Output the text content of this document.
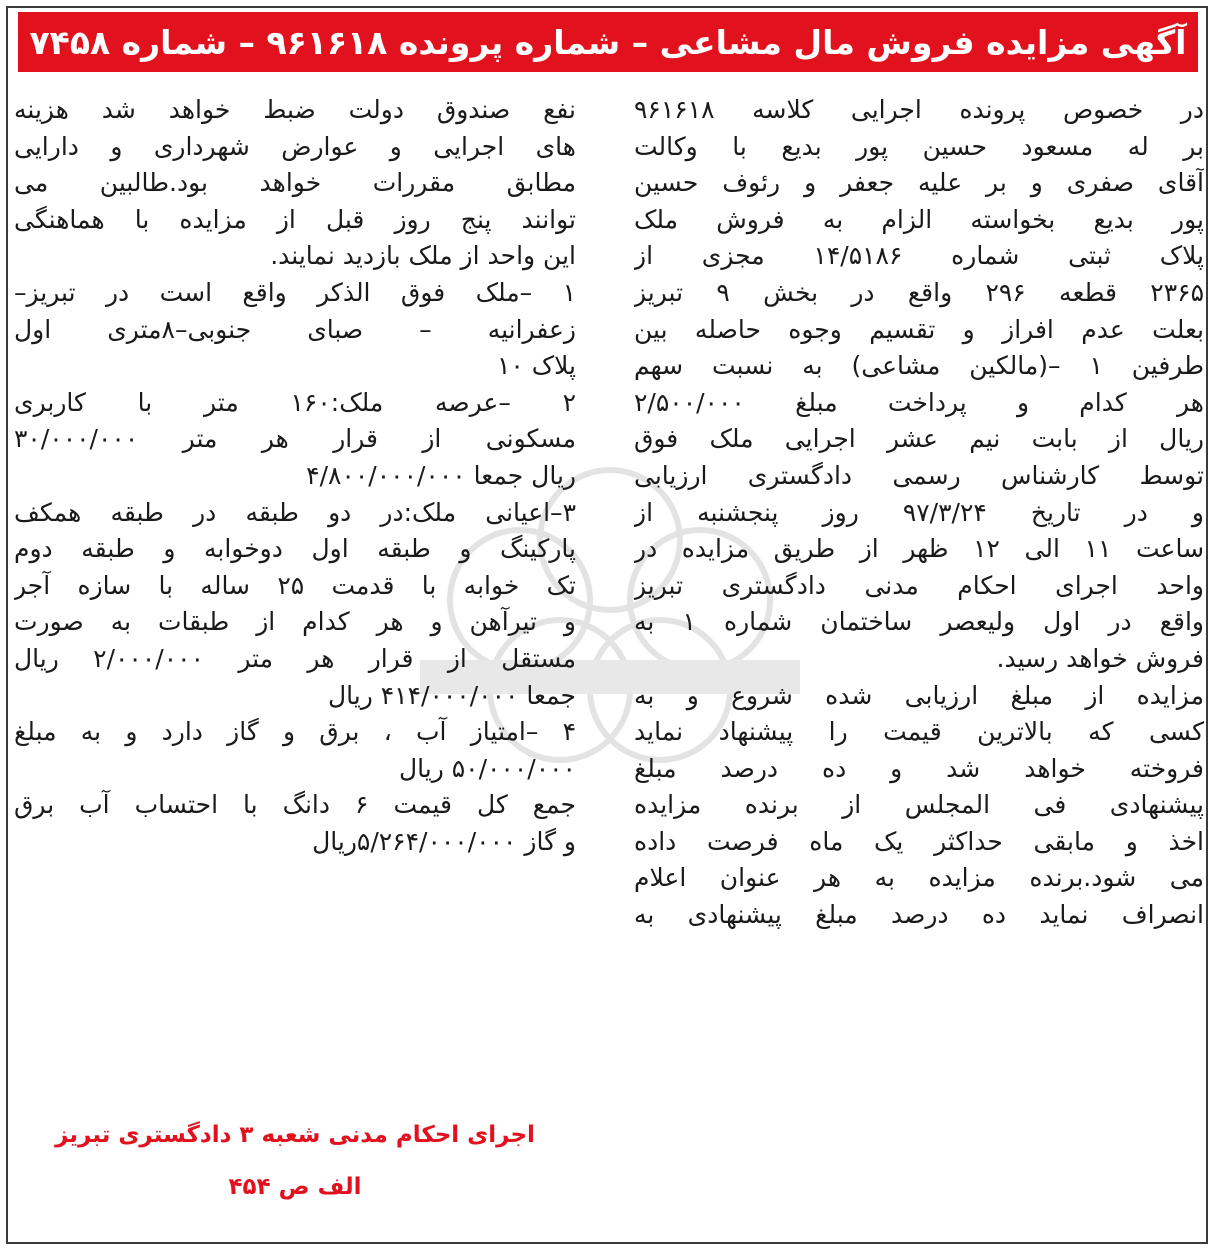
آگهی مزایده فروش مال مشاعی – شماره پرونده ۹۶۱۶۱۸ – شماره ۷۴۵۸

در خصوص پرونده اجرایی کلاسه ۹۶۱۶۱۸
بر له مسعود حسین پور بدیع با وکالت
آقای صفری و بر علیه جعفر و رئوف حسین
پور بدیع بخواسته الزام به فروش ملک
پلاک ثبتی شماره ۱۴/۵۱۸۶ مجزی از
۲۳۶۵ قطعه ۲۹۶ واقع در بخش ۹ تبریز
بعلت عدم افراز و تقسیم وجوه حاصله بین
طرفین ۱ –(مالکین مشاعی) به نسبت سهم
هر کدام و پرداخت مبلغ ۲/۵۰۰/۰۰۰
ریال از بابت نیم عشر اجرایی ملک فوق
توسط کارشناس رسمی دادگستری ارزیابی
و در تاریخ ۹۷/۳/۲۴ روز پنجشنبه از
ساعت ۱۱ الی ۱۲ ظهر از طریق مزایده در
واحد اجرای احکام مدنی دادگستری تبریز
واقع در اول ولیعصر ساختمان شماره ۱ به
فروش خواهد رسید.
مزایده از مبلغ ارزیابی شده شروع و به
کسی که بالاترین قیمت را پیشنهاد نماید
فروخته خواهد شد و ده درصد مبلغ
پیشنهادی فی المجلس از برنده مزایده
اخذ و مابقی حداکثر یک ماه فرصت داده
می شود.برنده مزایده به هر عنوان اعلام
انصراف نماید ده درصد مبلغ پیشنهادی به

نفع صندوق دولت ضبط خواهد شد هزینه
های اجرایی و عوارض شهرداری و دارایی
مطابق مقررات خواهد بود.طالبین می
توانند پنج روز قبل از مزایده با هماهنگی
این واحد از ملک بازدید نمایند.
۱ –ملک فوق الذکر واقع است در تبریز–
زعفرانیه – صبای جنوبی–۸متری اول
پلاک ۱۰
۲ –عرصه ملک:۱۶۰ متر با کاربری
مسکونی از قرار هر متر ۳۰/۰۰۰/۰۰۰
ریال جمعا ۴/۸۰۰/۰۰۰/۰۰۰
۳–اعیانی ملک:در دو طبقه در طبقه همکف
پارکینگ و طبقه اول دوخوابه و طبقه دوم
تک خوابه با قدمت ۲۵ ساله با سازه آجر
و تیرآهن و هر کدام از طبقات به صورت
مستقل از قرار هر متر ۲/۰۰۰/۰۰۰ ریال
جمعا ۴۱۴/۰۰۰/۰۰۰ ریال
۴ –امتیاز آب ، برق و گاز دارد و به مبلغ
۵۰/۰۰۰/۰۰۰ ریال
جمع کل قیمت ۶ دانگ با احتساب آب برق
و گاز ۵/۲۶۴/۰۰۰/۰۰۰ریال

اجرای احکام مدنی شعبه ۳ دادگستری تبریز
الف ص ۴۵۴
